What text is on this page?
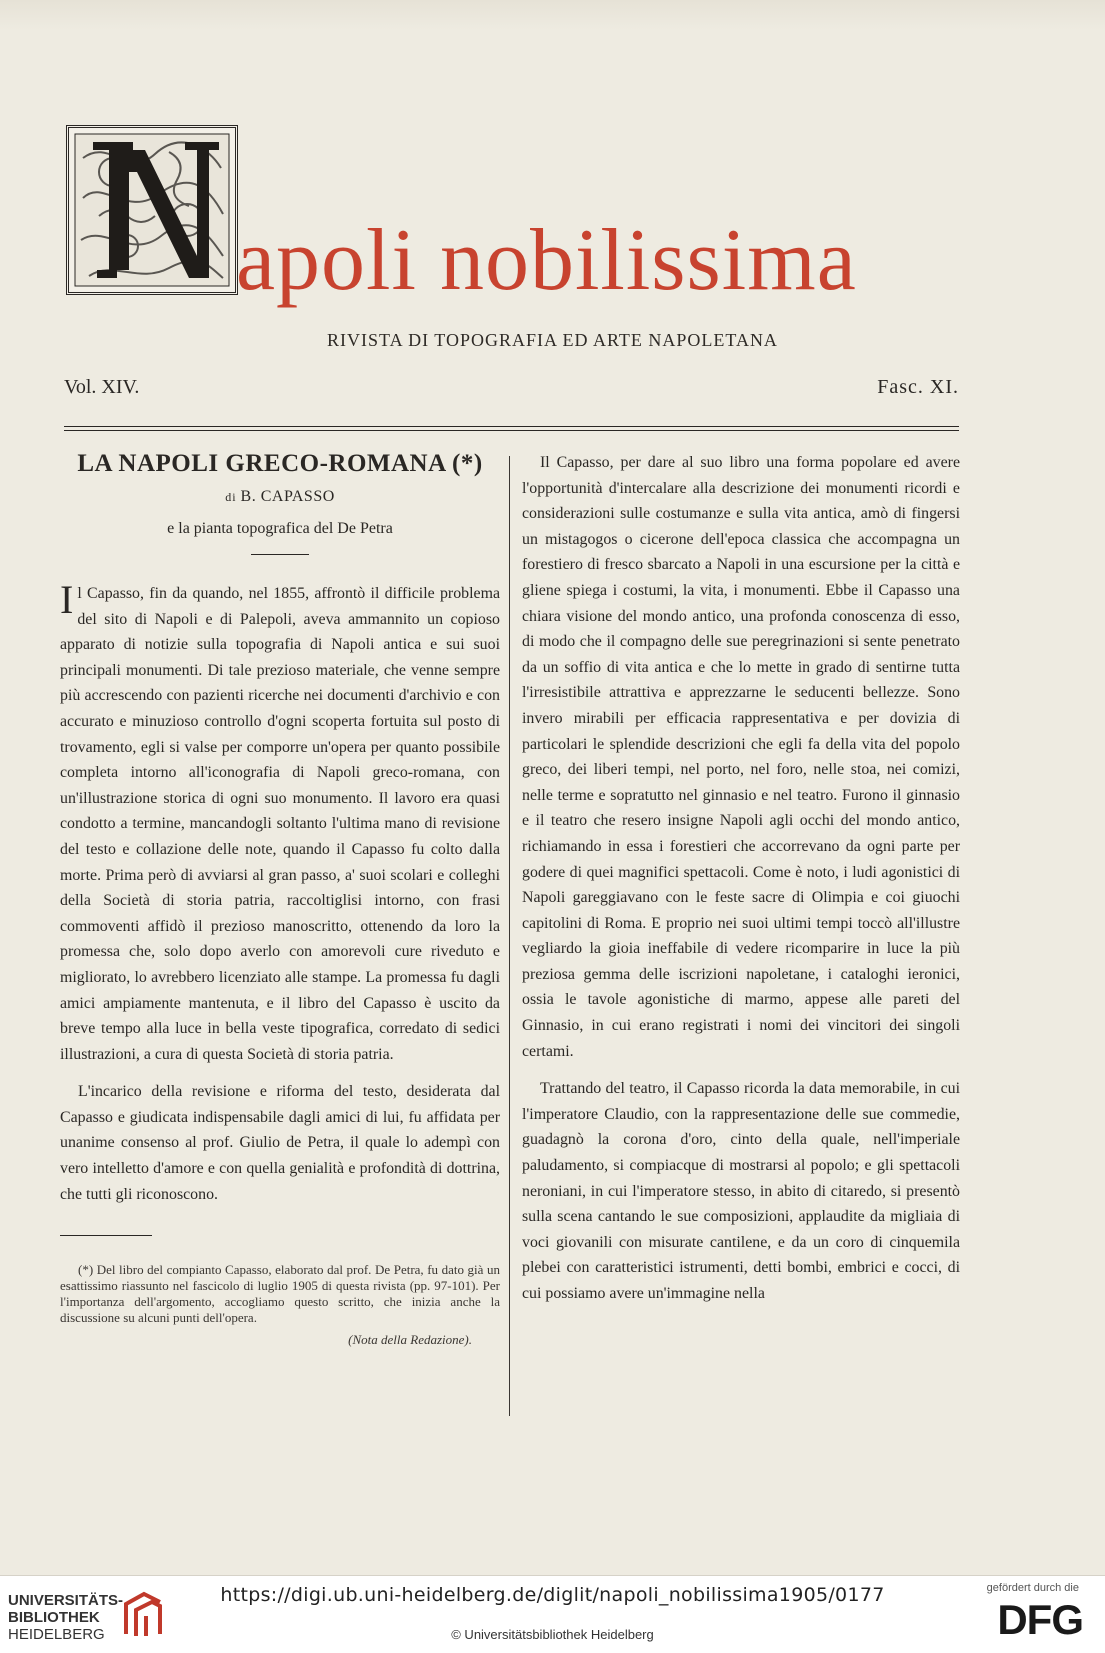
apoli nobilissima
RIVISTA DI TOPOGRAFIA ED ARTE NAPOLETANA
Vol. XIV.	Fasc. XI.
LA NAPOLI GRECO-ROMANA (*)
di B. CAPASSO
e la pianta topografica del De Petra

Il Capasso, fin da quando, nel 1855, affrontò il difficile problema del sito di Napoli e di Palepoli, aveva ammannito un copioso apparato di notizie sulla topografia di Napoli antica e sui suoi principali monumenti. Di tale prezioso materiale, che venne sempre più accrescendo con pazienti ricerche nei documenti d'archivio e con accurato e minuzioso controllo d'ogni scoperta fortuita sul posto di trovamento, egli si valse per comporre un'opera per quanto possibile completa intorno all'iconografia di Napoli greco-romana, con un'illustrazione storica di ogni suo monumento. Il lavoro era quasi condotto a termine, mancandogli soltanto l'ultima mano di revisione del testo e collazione delle note, quando il Capasso fu colto dalla morte. Prima però di avviarsi al gran passo, a' suoi scolari e colleghi della Società di storia patria, raccoltiglisi intorno, con frasi commoventi affidò il prezioso manoscritto, ottenendo da loro la promessa che, solo dopo averlo con amorevoli cure riveduto e migliorato, lo avrebbero licenziato alle stampe. La promessa fu dagli amici ampiamente mantenuta, e il libro del Capasso è uscito da breve tempo alla luce in bella veste tipografica, corredato di sedici illustrazioni, a cura di questa Società di storia patria.

L'incarico della revisione e riforma del testo, desiderata dal Capasso e giudicata indispensabile dagli amici di lui, fu affidata per unanime consenso al prof. Giulio de Petra, il quale lo adempì con vero intelletto d'amore e con quella genialità e profondità di dottrina, che tutti gli riconoscono.

(*) Del libro del compianto Capasso, elaborato dal prof. De Petra, fu dato già un esattissimo riassunto nel fascicolo di luglio 1905 di questa rivista (pp. 97-101). Per l'importanza dell'argomento, accogliamo questo scritto, che inizia anche la discussione su alcuni punti dell'opera.
(Nota della Redazione).

Il Capasso, per dare al suo libro una forma popolare ed avere l'opportunità d'intercalare alla descrizione dei monumenti ricordi e considerazioni sulle costumanze e sulla vita antica, amò di fingersi un mistagogos o cicerone dell'epoca classica che accompagna un forestiero di fresco sbarcato a Napoli in una escursione per la città e gliene spiega i costumi, la vita, i monumenti. Ebbe il Capasso una chiara visione del mondo antico, una profonda conoscenza di esso, di modo che il compagno delle sue peregrinazioni si sente penetrato da un soffio di vita antica e che lo mette in grado di sentirne tutta l'irresistibile attrattiva e apprezzarne le seducenti bellezze. Sono invero mirabili per efficacia rappresentativa e per dovizia di particolari le splendide descrizioni che egli fa della vita del popolo greco, dei liberi tempi, nel porto, nel foro, nelle stoa, nei comizi, nelle terme e sopratutto nel ginnasio e nel teatro. Furono il ginnasio e il teatro che resero insigne Napoli agli occhi del mondo antico, richiamando in essa i forestieri che accorrevano da ogni parte per godere di quei magnifici spettacoli. Come è noto, i ludi agonistici di Napoli gareggiavano con le feste sacre di Olimpia e coi giuochi capitolini di Roma. E proprio nei suoi ultimi tempi toccò all'illustre vegliardo la gioia ineffabile di vedere ricomparire in luce la più preziosa gemma delle iscrizioni napoletane, i cataloghi ieronici, ossia le tavole agonistiche di marmo, appese alle pareti del Ginnasio, in cui erano registrati i nomi dei vincitori dei singoli certami.

Trattando del teatro, il Capasso ricorda la data memorabile, in cui l'imperatore Claudio, con la rappresentazione delle sue commedie, guadagnò la corona d'oro, cinto della quale, nell'imperiale paludamento, si compiacque di mostrarsi al popolo; e gli spettacoli neroniani, in cui l'imperatore stesso, in abito di citaredo, si presentò sulla scena cantando le sue composizioni, applaudite da migliaia di voci giovanili con misurate cantilene, e da un coro di cinquemila plebei con caratteristici istrumenti, detti bombi, embrici e cocci, di cui possiamo avere un'immagine nella

UNIVERSITÄTS-
BIBLIOTHEK
HEIDELBERG
https://digi.ub.uni-heidelberg.de/diglit/napoli_nobilissima1905/0177
© Universitätsbibliothek Heidelberg
gefördert durch die
DFG
